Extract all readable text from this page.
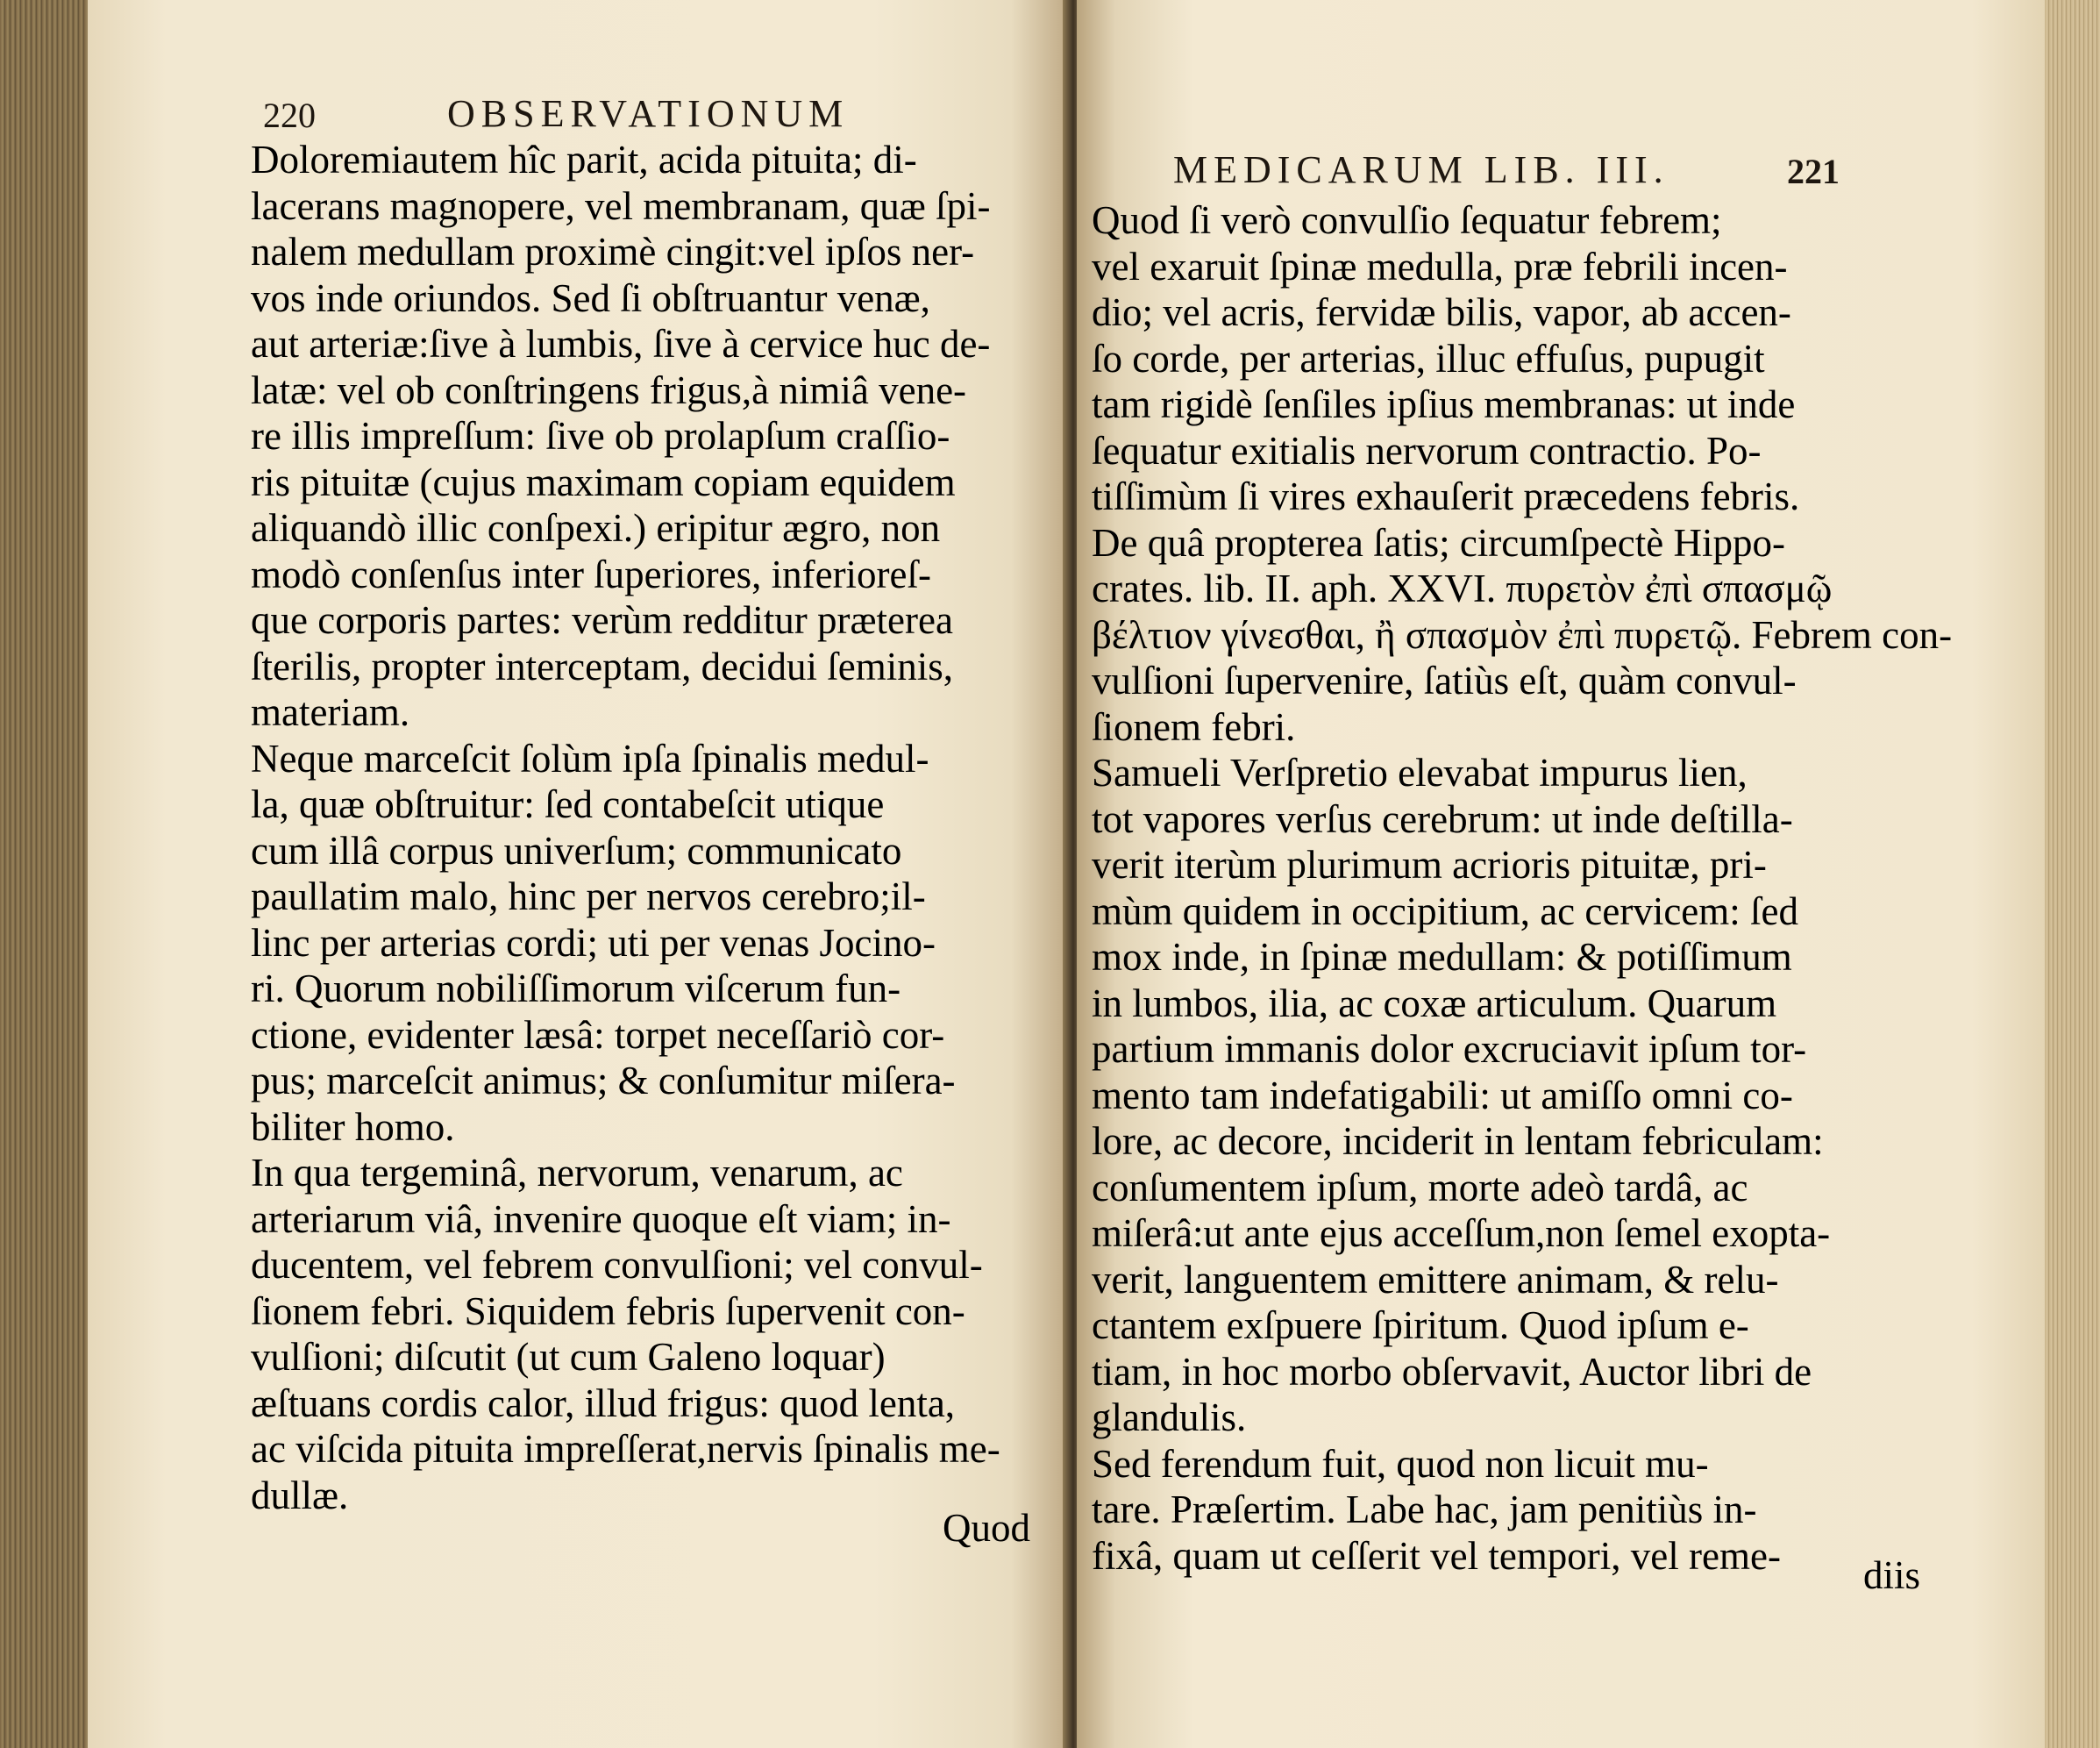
220	OBSERVATIONUM
MEDICARUM LIB. III.	221
Doloremiautem hîc parit, acida pituita; di-
lacerans magnopere, vel membranam, quæ ſpi-
nalem medullam proximè cingit:vel ipſos ner-
vos inde oriundos. Sed ſi obſtruantur venæ,
aut arteriæ:ſive à lumbis, ſive à cervice huc de-
latæ: vel ob conſtringens frigus,à nimiâ vene-
re illis impreſſum: ſive ob prolapſum craſſio-
ris pituitæ (cujus maximam copiam equidem
aliquandò illic conſpexi.) eripitur ægro, non
modò conſenſus inter ſuperiores, inferioreſ-
que corporis partes: verùm redditur præterea
ſterilis, propter interceptam, decidui ſeminis,
materiam.
Neque marceſcit ſolùm ipſa ſpinalis medul-
la, quæ obſtruitur: ſed contabeſcit utique
cum illâ corpus univerſum; communicato
paullatim malo, hinc per nervos cerebro;il-
linc per arterias cordi; uti per venas Jocino-
ri. Quorum nobiliſſimorum viſcerum fun-
ctione, evidenter læsâ: torpet neceſſariò cor-
pus; marceſcit animus; & conſumitur miſera-
biliter homo.
In qua tergeminâ, nervorum, venarum, ac
arteriarum viâ, invenire quoque eſt viam; in-
ducentem, vel febrem convulſioni; vel convul-
ſionem febri. Siquidem febris ſupervenit con-
vulſioni; diſcutit (ut cum Galeno loquar)
æſtuans cordis calor, illud frigus: quod lenta,
ac viſcida pituita impreſſerat,nervis ſpinalis me-
dullæ.
Quod
Quod ſi verò convulſio ſequatur febrem;
vel exaruit ſpinæ medulla, præ febrili incen-
dio; vel acris, fervidæ bilis, vapor, ab accen-
ſo corde, per arterias, illuc effuſus, pupugit
tam rigidè ſenſiles ipſius membranas: ut inde
ſequatur exitialis nervorum contractio. Po-
tiſſimùm ſi vires exhauſerit præcedens febris.
De quâ propterea ſatis; circumſpectè Hippo-
crates. lib. II. aph. XXVI. πυρετὸν ἐπὶ σπασμῷ
βέλτιον γίνεσθαι, ἢ σπασμὸν ἐπὶ πυρετῷ. Febrem con-
vulſioni ſupervenire, ſatiùs eſt, quàm convul-
ſionem febri.
Samueli Verſpretio elevabat impurus lien,
tot vapores verſus cerebrum: ut inde deſtilla-
verit iterùm plurimum acrioris pituitæ, pri-
mùm quidem in occipitium, ac cervicem: ſed
mox inde, in ſpinæ medullam: & potiſſimum
in lumbos, ilia, ac coxæ articulum. Quarum
partium immanis dolor excruciavit ipſum tor-
mento tam indefatigabili: ut amiſſo omni co-
lore, ac decore, inciderit in lentam febriculam:
conſumentem ipſum, morte adeò tardâ, ac
miſerâ:ut ante ejus acceſſum,non ſemel exopta-
verit, languentem emittere animam, & relu-
ctantem exſpuere ſpiritum. Quod ipſum e-
tiam, in hoc morbo obſervavit, Auctor libri de
glandulis.
Sed ferendum fuit, quod non licuit mu-
tare. Præſertim. Labe hac, jam penitiùs in-
fixâ, quam ut ceſſerit vel tempori, vel reme-	diis
